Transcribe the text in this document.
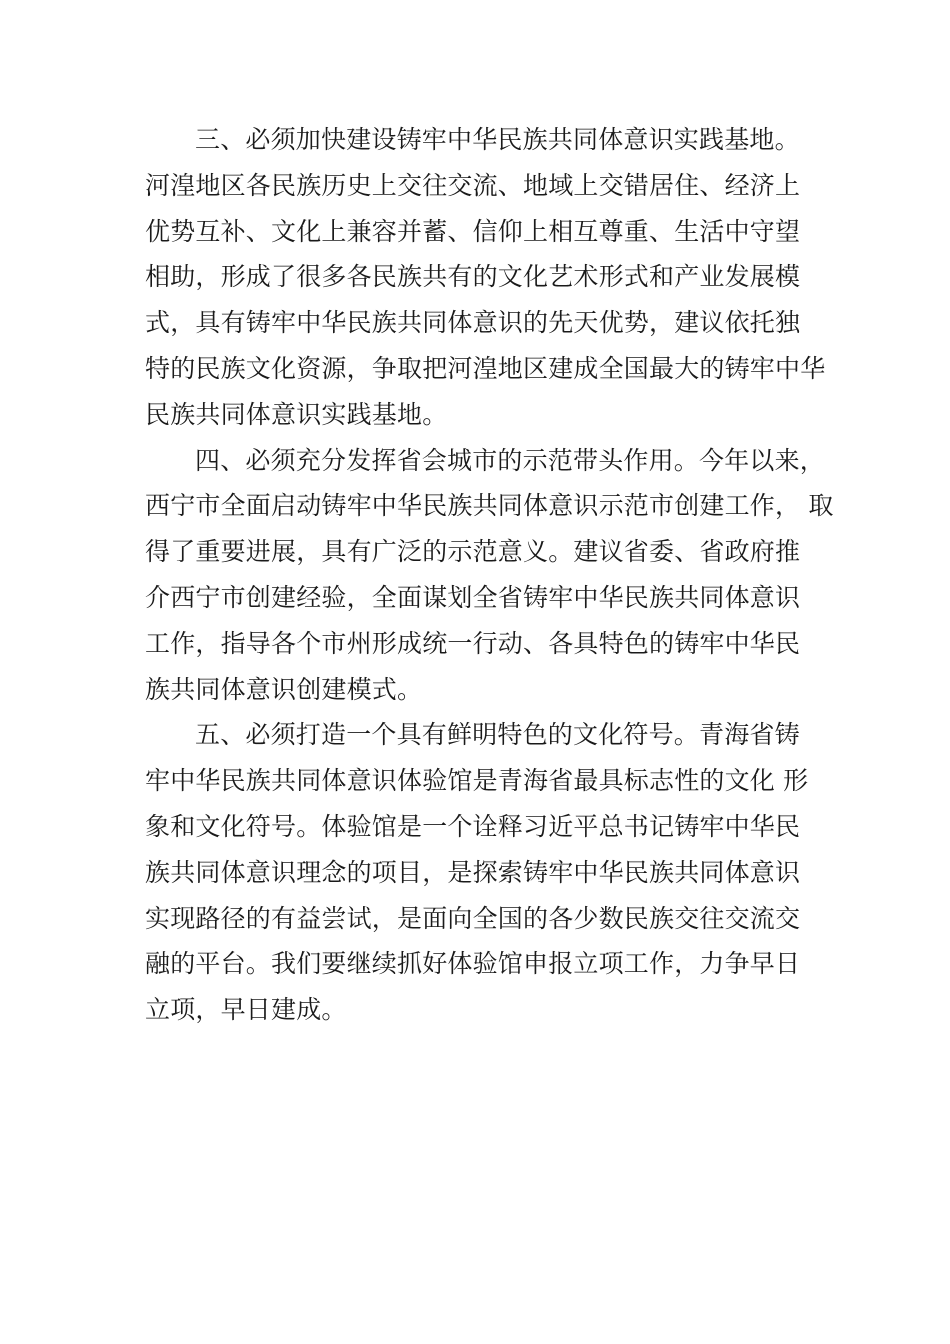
三、必须加快建设铸牢中华民族共同体意识实践基地。
河湟地区各民族历史上交往交流、地域上交错居住、经济上
优势互补、文化上兼容并蓄、信仰上相互尊重、生活中守望
相助，形成了很多各民族共有的文化艺术形式和产业发展模
式，具有铸牢中华民族共同体意识的先天优势，建议依托独
特的民族文化资源，争取把河湟地区建成全国最大的铸牢中华
民族共同体意识实践基地。
四、必须充分发挥省会城市的示范带头作用。今年以来，
西宁市全面启动铸牢中华民族共同体意识示范市创建工作， 取
得了重要进展，具有广泛的示范意义。建议省委、省政府推
介西宁市创建经验，全面谋划全省铸牢中华民族共同体意识
工作，指导各个市州形成统一行动、各具特色的铸牢中华民
族共同体意识创建模式。
五、必须打造一个具有鲜明特色的文化符号。青海省铸
牢中华民族共同体意识体验馆是青海省最具标志性的文化 形
象和文化符号。体验馆是一个诠释习近平总书记铸牢中华民
族共同体意识理念的项目，是探索铸牢中华民族共同体意识
实现路径的有益尝试，是面向全国的各少数民族交往交流交
融的平台。我们要继续抓好体验馆申报立项工作，力争早日
立项，早日建成。
